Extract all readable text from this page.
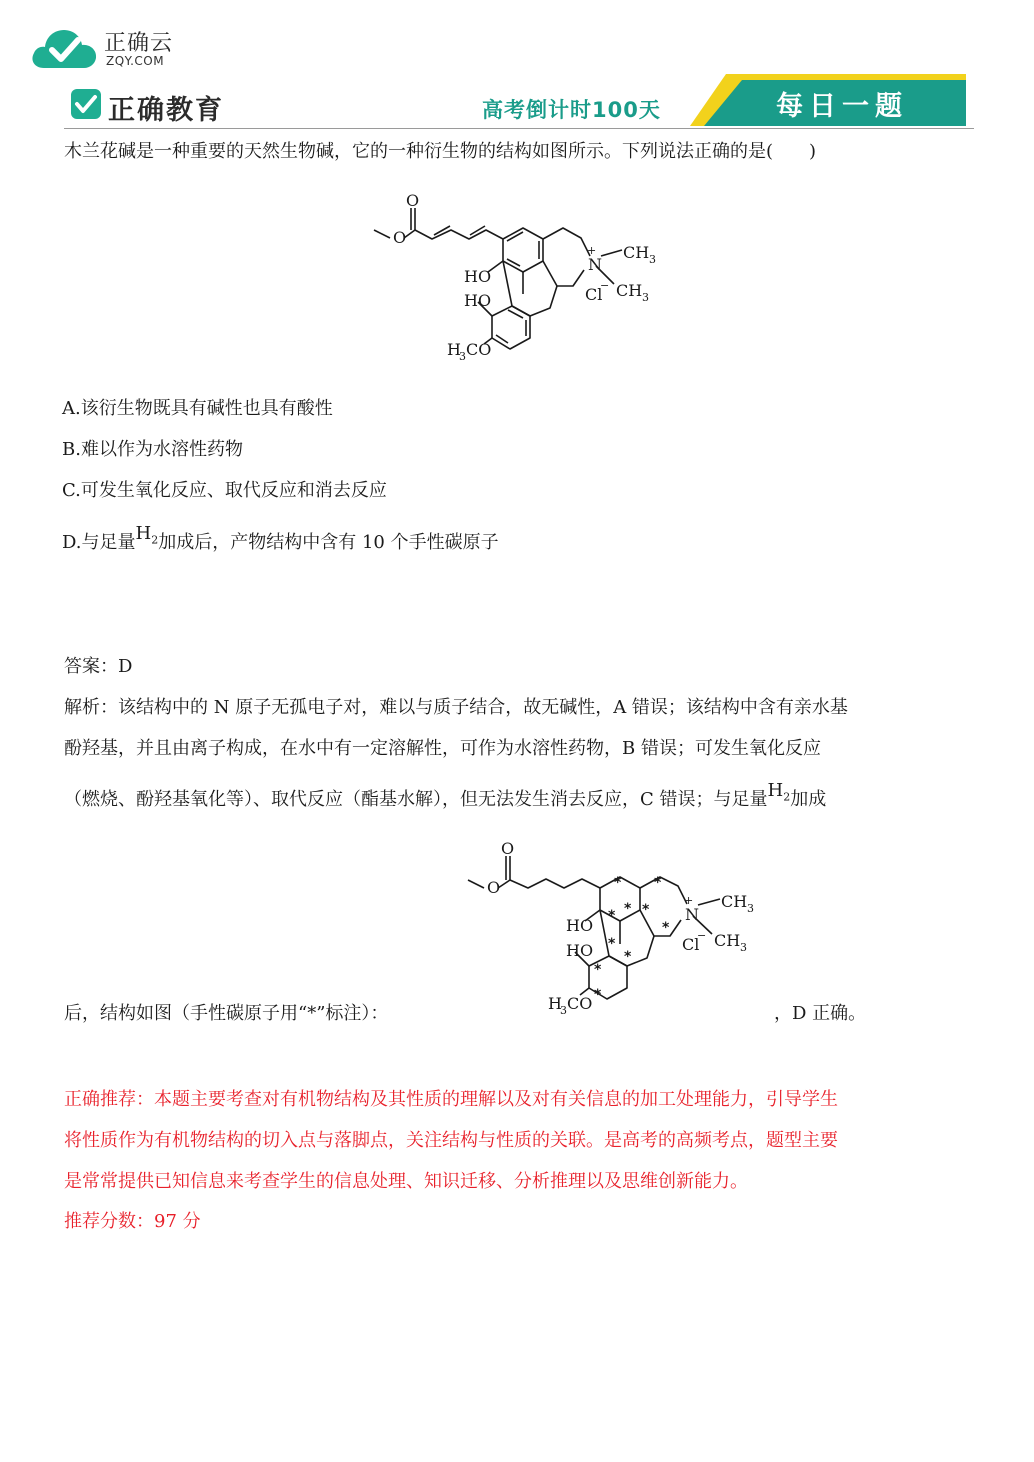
正确云
ZQY.COM
正确教育	高考倒计时100天	每日一题
木兰花碱是一种重要的天然生物碱，它的一种衍生物的结构如图所示。下列说法正确的是(　　)
O
O
N
+ CH 3
CH 3
Cl
−
HO
HO
H
3 CO
A.该衍生物既具有碱性也具有酸性
B.难以作为水溶性药物
C.可发生氧化反应、取代反应和消去反应
D.与足量$H_2$加成后，产物结构中含有 10 个手性碳原子
答案：D
解析：该结构中的 N 原子无孤电子对，难以与质子结合，故无碱性，A 错误；该结构中含有亲水基
酚羟基，并且由离子构成，在水中有一定溶解性，可作为水溶性药物，B 错误；可发生氧化反应
（燃烧、酚羟基氧化等）、取代反应（酯基水解），但无法发生消去反应，C 错误；与足量$H_2$加成
O
O
N
+ CH 3
CH 3
Cl
−
HO
HO
H
3 CO
* *
* *
*
*
*
*
*
*
后，结构如图（手性碳原子用“*”标注）：	，D 正确。
正确推荐：本题主要考查对有机物结构及其性质的理解以及对有关信息的加工处理能力，引导学生
将性质作为有机物结构的切入点与落脚点，关注结构与性质的关联。是高考的高频考点，题型主要
是常常提供已知信息来考查学生的信息处理、知识迁移、分析推理以及思维创新能力。
推荐分数：97 分
